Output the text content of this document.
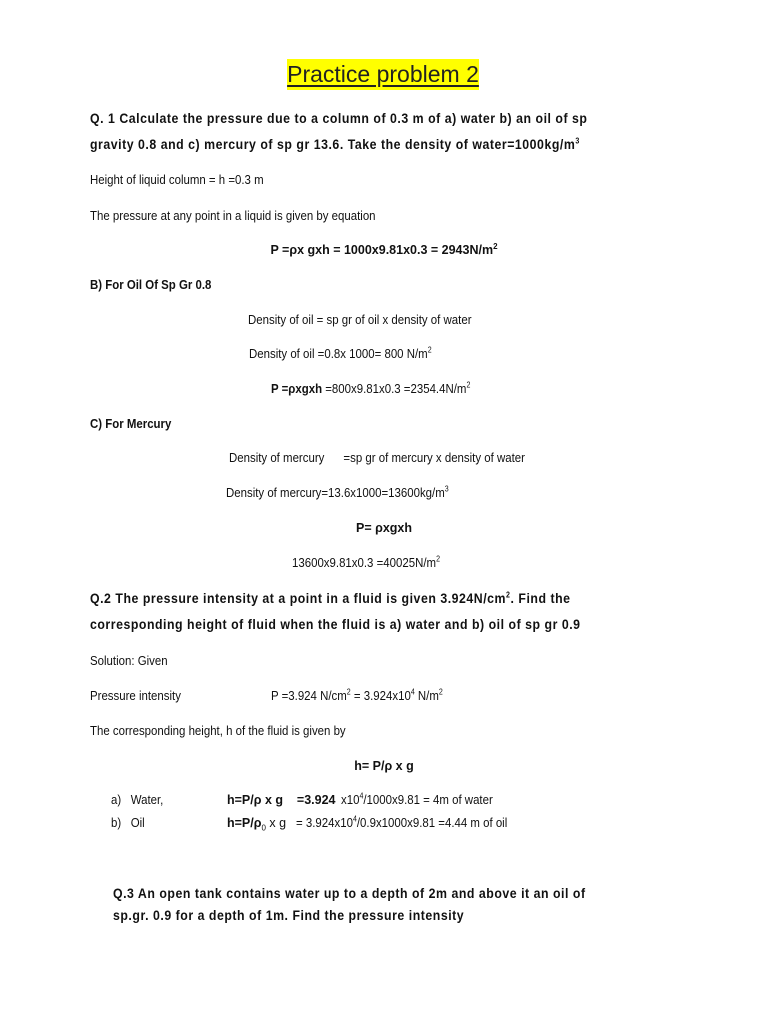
Practice problem 2
Q. 1 Calculate the pressure due to a column of 0.3 m of a) water b) an oil of sp
gravity 0.8 and c) mercury of sp gr 13.6. Take the density of $water=1000kg/m^3$
Height of liquid column = h =0.3 m
The pressure at any point in a liquid is given by equation
P =ρx gxh = $1000x9.81x0.3 = 2943N/m^2$
B) For Oil Of Sp Gr 0.8
Density of oil = sp gr of oil x density of water
Density of oil =0.8x 1000= 800 $N/m^2$
P =ρxgxh $=800x9.81x0.3 =2354.4N/m^2$
C) For Mercury
Density of mercury      =sp gr of mercury x density of water
Density of $mercury=13.6x1000=13600kg/m^3$
P= ρxgxh
$13600x9.81x0.3 =40025N/m^2$
Q.2 The pressure intensity at a point in a fluid is given $3.924N/cm^2$. Find the
corresponding height of fluid when the fluid is a) water and b) oil of sp gr 0.9
Solution: Given
Pressure intensity	P =3.924 $N/cm^2 = 3.924x10^4$ $N/m^2$
The corresponding height, h of the fluid is given by
h= P/ρ x g
a) Water,	h=P/ρ x g =3.924 $x10^4/1000x9.81 = 4m$ of water
b) Oil	$h=P/\rho_0$ x $g = 3.924x10^4/0.9x1000x9.81 =4.44$ m of oil
Q.3 An open tank contains water up to a depth of 2m and above it an oil of
sp.gr. 0.9 for a depth of 1m. Find the pressure intensity
